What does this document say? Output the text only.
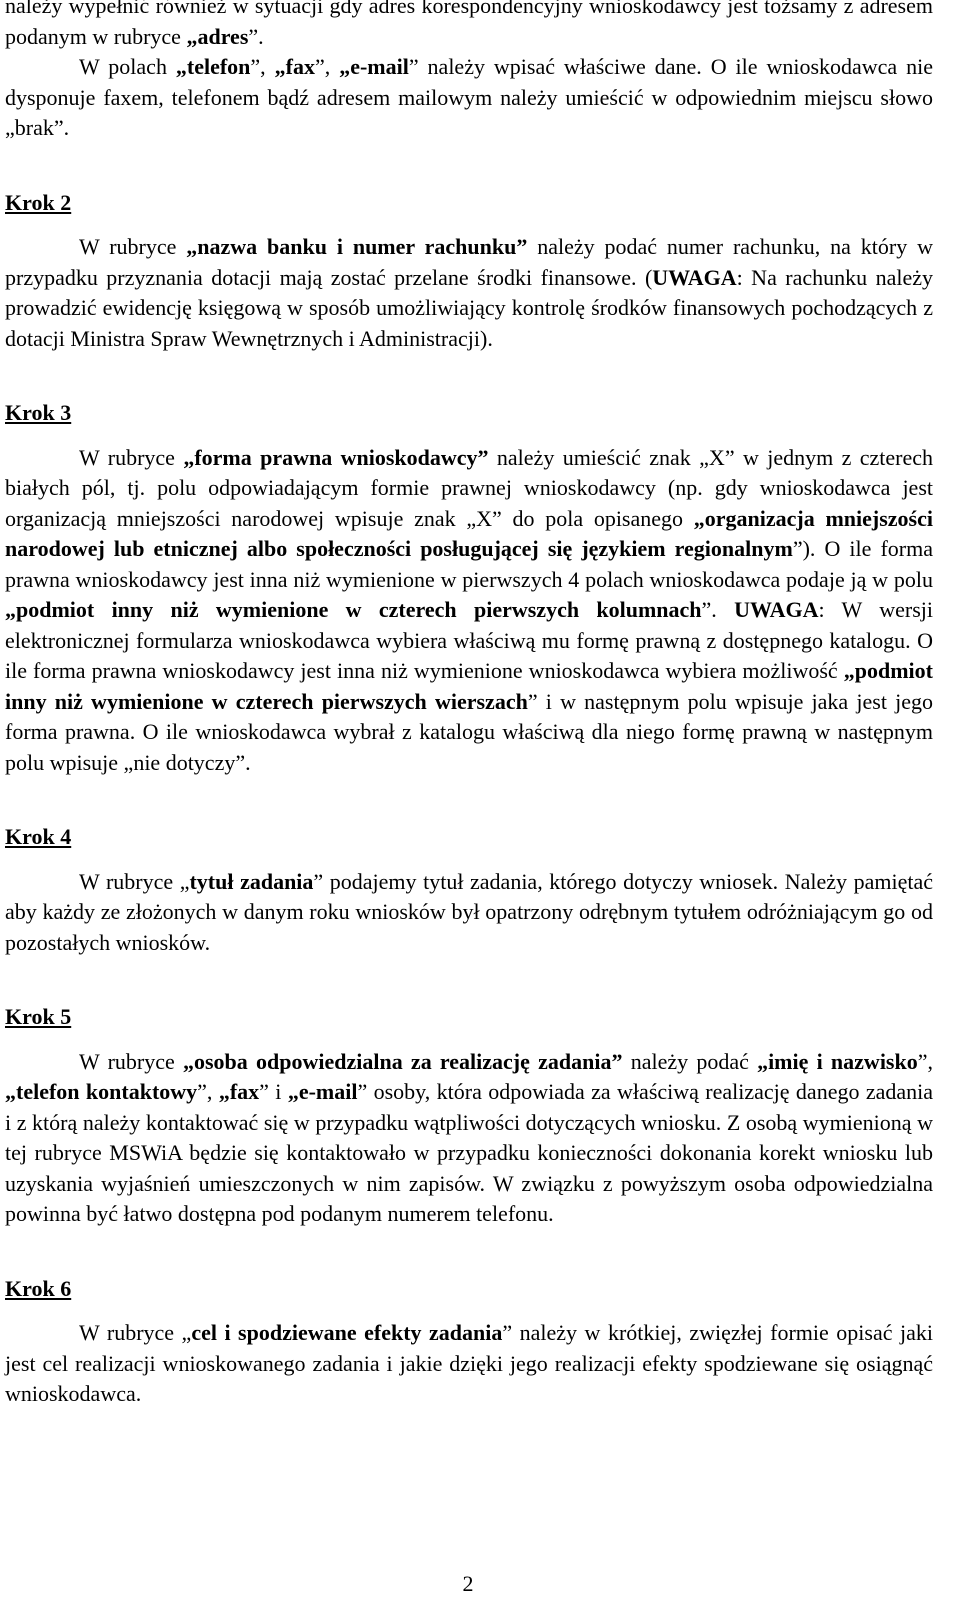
należy wypełnić również w sytuacji gdy adres korespondencyjny wnioskodawcy jest tożsamy z adresem podanym w rubryce „adres”.

W polach „telefon”, „fax”, „e-mail” należy wpisać właściwe dane. O ile wnioskodawca nie dysponuje faxem, telefonem bądź adresem mailowym należy umieścić w odpowiednim miejscu słowo „brak”.

Krok 2

W rubryce „nazwa banku i numer rachunku” należy podać numer rachunku, na który w przypadku przyznania dotacji mają zostać przelane środki finansowe. (UWAGA: Na rachunku należy prowadzić ewidencję księgową w sposób umożliwiający kontrolę środków finansowych pochodzących z dotacji Ministra Spraw Wewnętrznych i Administracji).

Krok 3

W rubryce „forma prawna wnioskodawcy” należy umieścić znak „X” w jednym z czterech białych pól, tj. polu odpowiadającym formie prawnej wnioskodawcy (np. gdy wnioskodawca jest organizacją mniejszości narodowej wpisuje znak „X” do pola opisanego „organizacja mniejszości narodowej lub etnicznej albo społeczności posługującej się językiem regionalnym”). O ile forma prawna wnioskodawcy jest inna niż wymienione w pierwszych 4 polach wnioskodawca podaje ją w polu „podmiot inny niż wymienione w czterech pierwszych kolumnach”. UWAGA: W wersji elektronicznej formularza wnioskodawca wybiera właściwą mu formę prawną z dostępnego katalogu. O ile forma prawna wnioskodawcy jest inna niż wymienione wnioskodawca wybiera możliwość „podmiot inny niż wymienione w czterech pierwszych wierszach” i w następnym polu wpisuje jaka jest jego forma prawna. O ile wnioskodawca wybrał z katalogu właściwą dla niego formę prawną w następnym polu wpisuje „nie dotyczy”.

Krok 4

W rubryce „tytuł zadania” podajemy tytuł zadania, którego dotyczy wniosek. Należy pamiętać aby każdy ze złożonych w danym roku wniosków był opatrzony odrębnym tytułem odróżniającym go od pozostałych wniosków.

Krok 5

W rubryce „osoba odpowiedzialna za realizację zadania” należy podać „imię i nazwisko”, „telefon kontaktowy”, „fax” i „e-mail” osoby, która odpowiada za właściwą realizację danego zadania i z którą należy kontaktować się w przypadku wątpliwości dotyczących wniosku. Z osobą wymienioną w tej rubryce MSWiA będzie się kontaktowało w przypadku konieczności dokonania korekt wniosku lub uzyskania wyjaśnień umieszczonych w nim zapisów. W związku z powyższym osoba odpowiedzialna powinna być łatwo dostępna pod podanym numerem telefonu.

Krok 6

W rubryce „cel i spodziewane efekty zadania” należy w krótkiej, zwięzłej formie opisać jaki jest cel realizacji wnioskowanego zadania i jakie dzięki jego realizacji efekty spodziewane się osiągnąć wnioskodawca.

2
